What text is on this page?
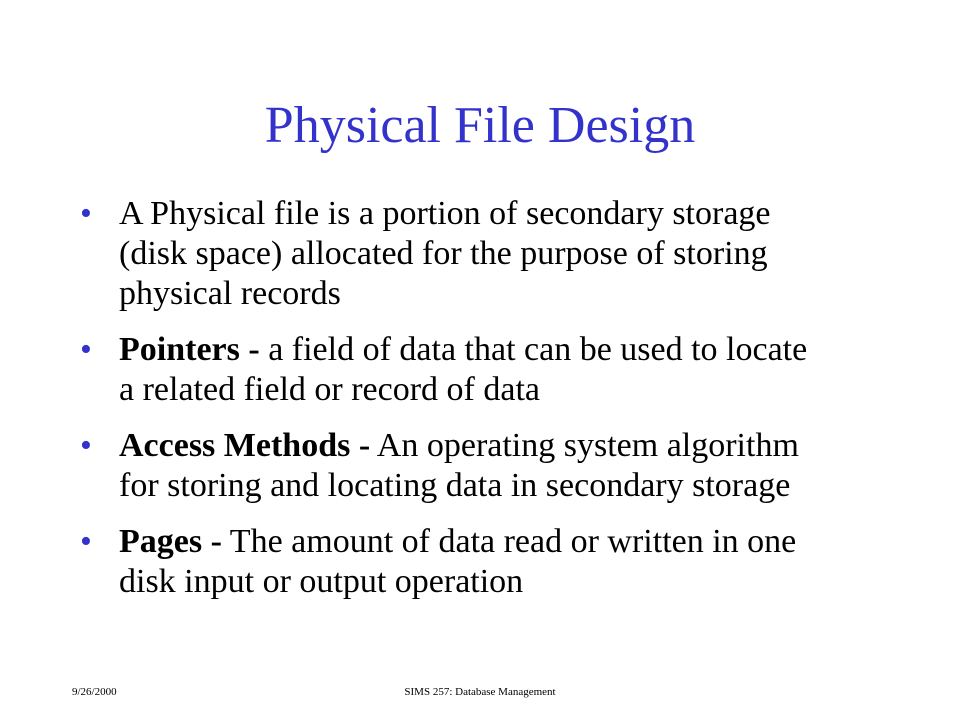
Physical File Design
• A Physical file is a portion of secondary storage (disk space) allocated for the purpose of storing physical records
• Pointers - a field of data that can be used to locate a related field or record of data
• Access Methods - An operating system algorithm for storing and locating data in secondary storage
• Pages - The amount of data read or written in one disk input or output operation
9/26/2000	SIMS 257: Database Management
